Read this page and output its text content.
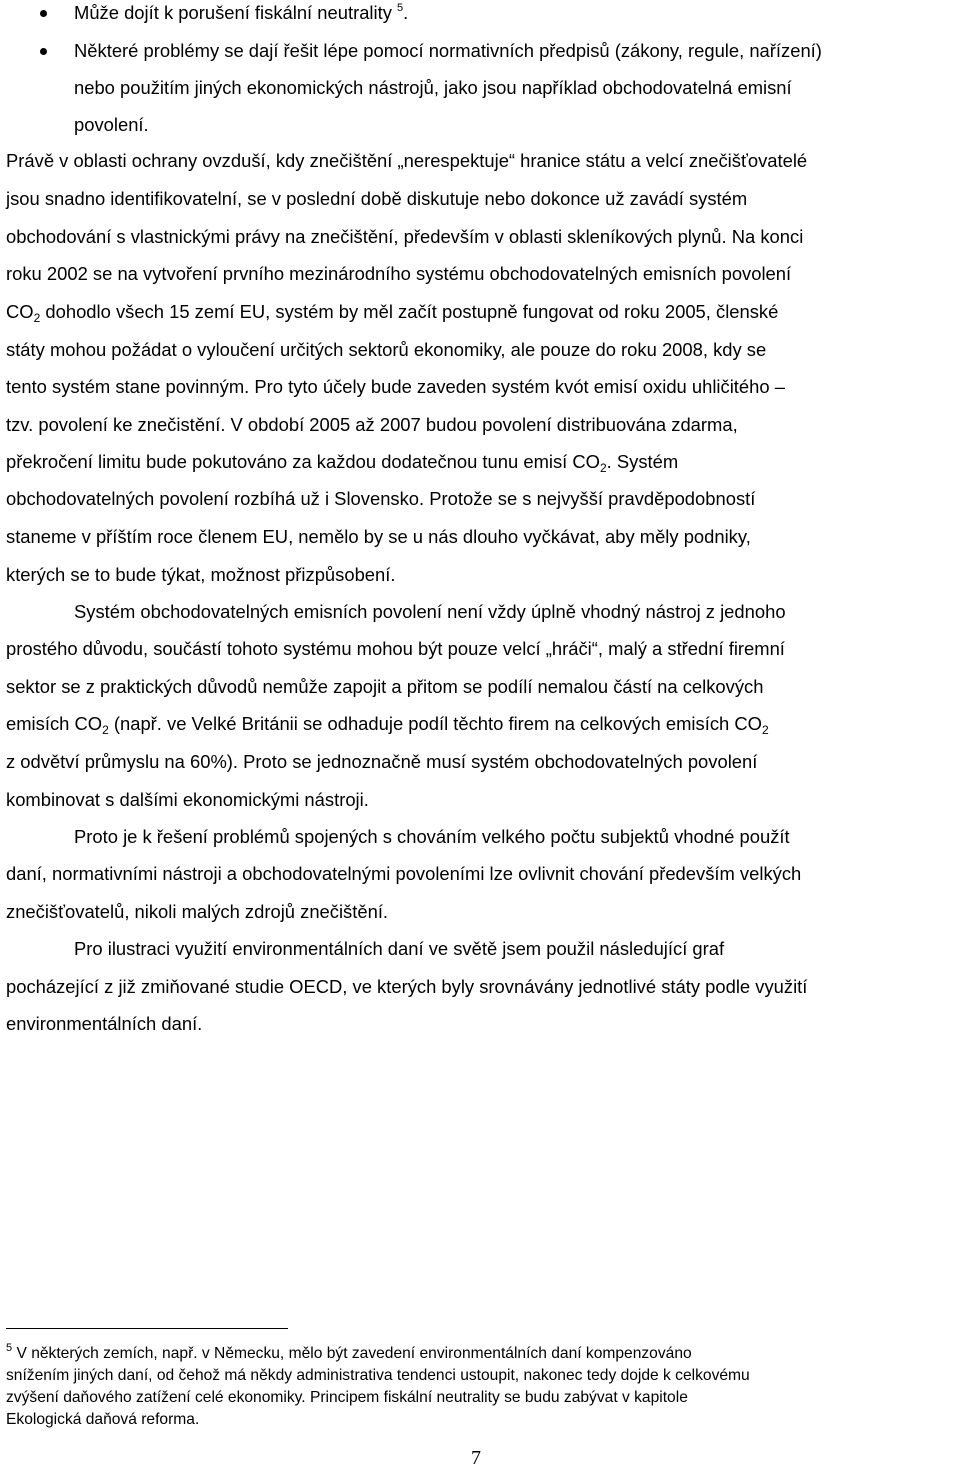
Může dojít k porušení fiskální neutrality $^5$.
Některé problémy se dají řešit lépe pomocí normativních předpisů (zákony, regule, nařízení)
nebo použitím jiných ekonomických nástrojů, jako jsou například obchodovatelná emisní
povolení.
Právě v oblasti ochrany ovzduší, kdy znečištění „nerespektuje“ hranice státu a velcí znečišťovatelé
jsou snadno identifikovatelní, se v poslední době diskutuje nebo dokonce už zavádí systém
obchodování s vlastnickými právy na znečištění, především v oblasti skleníkových plynů. Na konci
roku 2002 se na vytvoření prvního mezinárodního systému obchodovatelných emisních povolení
$CO_2$ dohodlo všech 15 zemí EU, systém by měl začít postupně fungovat od roku 2005, členské
státy mohou požádat o vyloučení určitých sektorů ekonomiky, ale pouze do roku 2008, kdy se
tento systém stane povinným. Pro tyto účely bude zaveden systém kvót emisí oxidu uhličitého –
tzv. povolení ke znečistění. V období 2005 až 2007 budou povolení distribuována zdarma,
překročení limitu bude pokutováno za každou dodatečnou tunu emisí $CO_2$. Systém
obchodovatelných povolení rozbíhá už i Slovensko. Protože se s nejvyšší pravděpodobností
staneme v příštím roce členem EU, nemělo by se u nás dlouho vyčkávat, aby měly podniky,
kterých se to bude týkat, možnost přizpůsobení.
Systém obchodovatelných emisních povolení není vždy úplně vhodný nástroj z jednoho
prostého důvodu, součástí tohoto systému mohou být pouze velcí „hráči“, malý a střední firemní
sektor se z praktických důvodů nemůže zapojit a přitom se podílí nemalou částí na celkových
emisích $CO_2$ (např. ve Velké Británii se odhaduje podíl těchto firem na celkových emisích $CO_2$
z odvětví průmyslu na 60%). Proto se jednoznačně musí systém obchodovatelných povolení
kombinovat s dalšími ekonomickými nástroji.
Proto je k řešení problémů spojených s chováním velkého počtu subjektů vhodné použít
daní, normativními nástroji a obchodovatelnými povoleními lze ovlivnit chování především velkých
znečišťovatelů, nikoli malých zdrojů znečištění.
Pro ilustraci využití environmentálních daní ve světě jsem použil následující graf
pocházející z již zmiňované studie OECD, ve kterých byly srovnávány jednotlivé státy podle využití
environmentálních daní.
$^5$ V některých zemích, např. v Německu, mělo být zavedení environmentálních daní kompenzováno
snížením jiných daní, od čehož má někdy administrativa tendenci ustoupit, nakonec tedy dojde k celkovému
zvýšení daňového zatížení celé ekonomiky. Principem fiskální neutrality se budu zabývat v kapitole
Ekologická daňová reforma.
7
